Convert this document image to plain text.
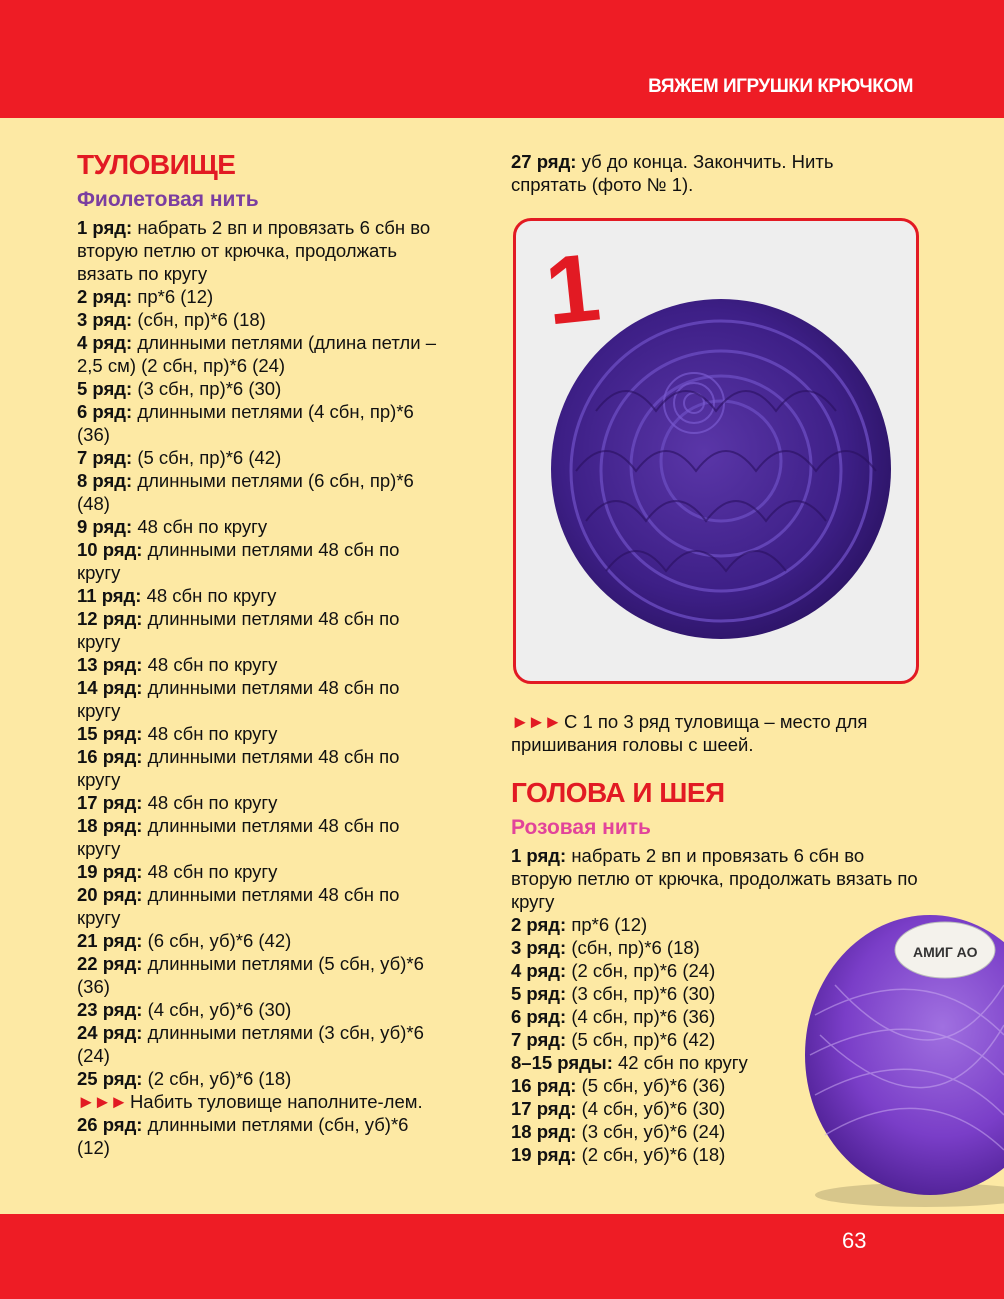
ВЯЖЕМ ИГРУШКИ КРЮЧКОМ
ТУЛОВИЩЕ
Фиолетовая нить
1 ряд: набрать 2 вп и провязать 6 сбн во вторую петлю от крючка, продолжать вязать по кругу
2 ряд: пр*6 (12)
3 ряд: (сбн, пр)*6 (18)
4 ряд: длинными петлями (длина петли – 2,5 см) (2 сбн, пр)*6 (24)
5 ряд: (3 сбн, пр)*6 (30)
6 ряд: длинными петлями (4 сбн, пр)*6 (36)
7 ряд: (5 сбн, пр)*6 (42)
8 ряд: длинными петлями (6 сбн, пр)*6 (48)
9 ряд: 48 сбн по кругу
10 ряд: длинными петлями 48 сбн по кругу
11 ряд: 48 сбн по кругу
12 ряд: длинными петлями 48 сбн по кругу
13 ряд: 48 сбн по кругу
14 ряд: длинными петлями 48 сбн по кругу
15 ряд: 48 сбн по кругу
16 ряд: длинными петлями 48 сбн по кругу
17 ряд: 48 сбн по кругу
18 ряд: длинными петлями 48 сбн по кругу
19 ряд: 48 сбн по кругу
20 ряд: длинными петлями 48 сбн по кругу
21 ряд: (6 сбн, уб)*6 (42)
22 ряд: длинными петлями (5 сбн, уб)*6 (36)
23 ряд: (4 сбн, уб)*6 (30)
24 ряд: длинными петлями (3 сбн, уб)*6 (24)
25 ряд: (2 сбн, уб)*6 (18)
►►► Набить туловище наполните-лем.
26 ряд: длинными петлями (сбн, уб)*6 (12)
27 ряд: уб до конца. Закончить. Нить спрятать (фото № 1).
1
►►► С 1 по 3 ряд туловища – место для пришивания головы с шеей.
ГОЛОВА И ШЕЯ
Розовая нить
1 ряд: набрать 2 вп и провязать 6 сбн во вторую петлю от крючка, продолжать вязать по кругу
2 ряд: пр*6 (12)
3 ряд: (сбн, пр)*6 (18)
4 ряд: (2 сбн, пр)*6 (24)
5 ряд: (3 сбн, пр)*6 (30)
6 ряд: (4 сбн, пр)*6 (36)
7 ряд: (5 сбн, пр)*6 (42)
8–15 ряды: 42 сбн по кругу
16 ряд: (5 сбн, уб)*6 (36)
17 ряд: (4 сбн, уб)*6 (30)
18 ряд: (3 сбн, уб)*6 (24)
19 ряд: (2 сбн, уб)*6 (18)
АМИГ АО
63
